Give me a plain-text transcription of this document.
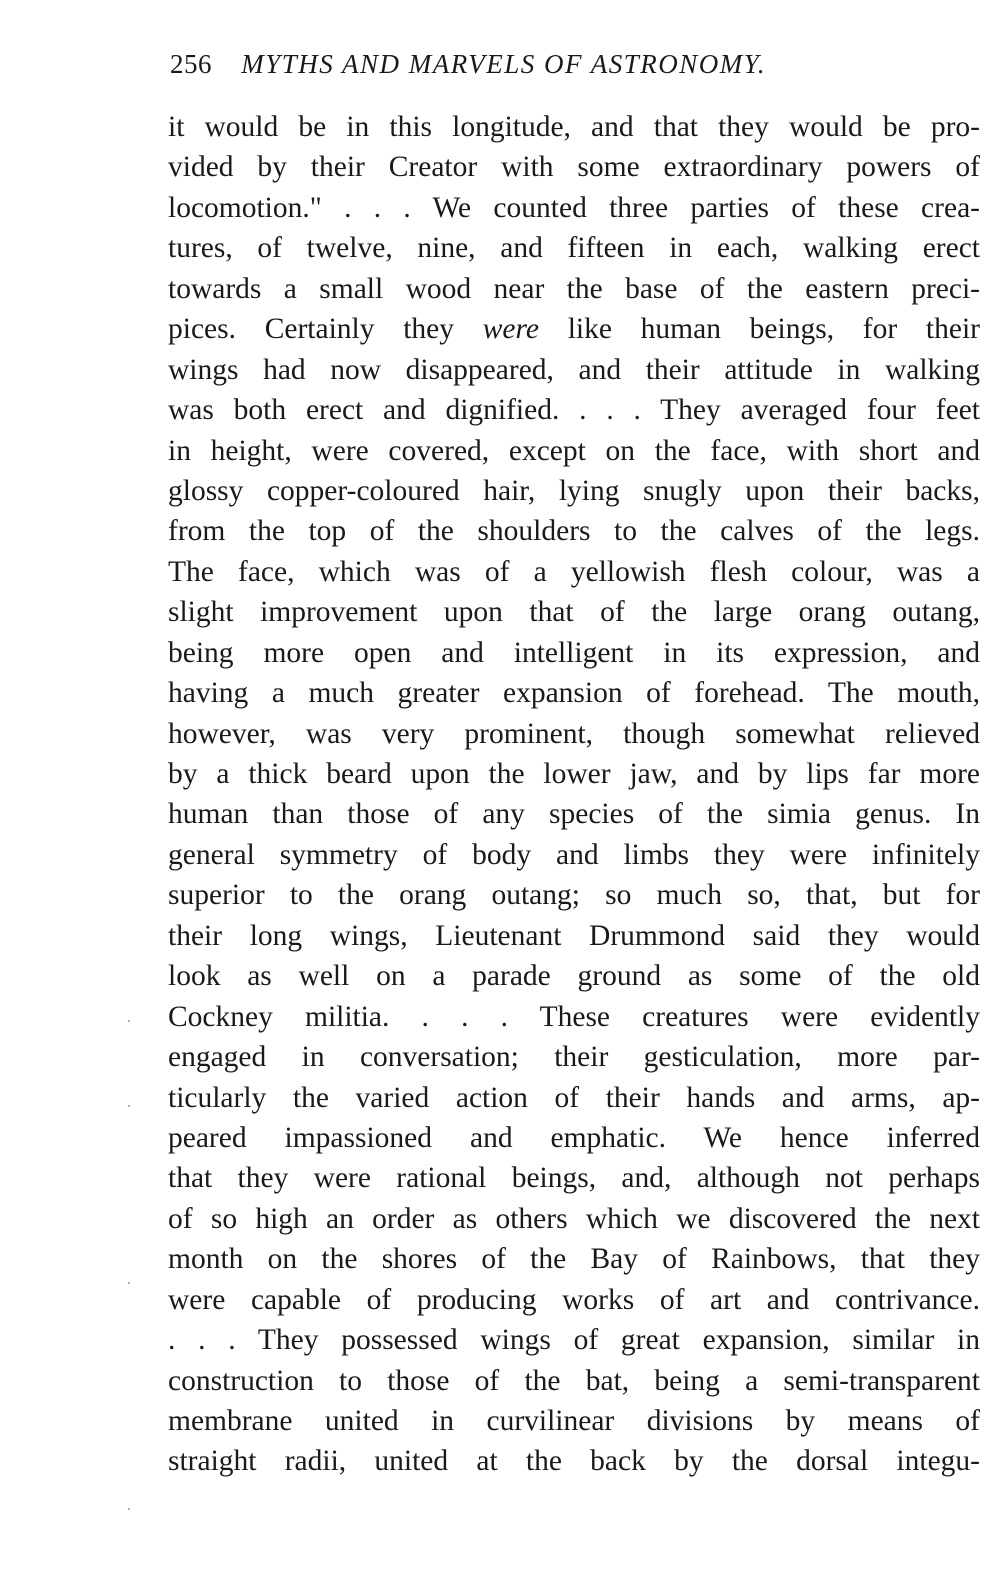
256 MYTHS AND MARVELS OF ASTRONOMY.
it would be in this longitude, and that they would be pro-
vided by their Creator with some extraordinary powers of
locomotion." . . . We counted three parties of these crea-
tures, of twelve, nine, and fifteen in each, walking erect
towards a small wood near the base of the eastern preci-
pices. Certainly they were like human beings, for their
wings had now disappeared, and their attitude in walking
was both erect and dignified. . . . They averaged four feet
in height, were covered, except on the face, with short and
glossy copper-coloured hair, lying snugly upon their backs,
from the top of the shoulders to the calves of the legs.
The face, which was of a yellowish flesh colour, was a
slight improvement upon that of the large orang outang,
being more open and intelligent in its expression, and
having a much greater expansion of forehead. The mouth,
however, was very prominent, though somewhat relieved
by a thick beard upon the lower jaw, and by lips far more
human than those of any species of the simia genus. In
general symmetry of body and limbs they were infinitely
superior to the orang outang; so much so, that, but for
their long wings, Lieutenant Drummond said they would
look as well on a parade ground as some of the old
Cockney militia. . . . These creatures were evidently
engaged in conversation; their gesticulation, more par-
ticularly the varied action of their hands and arms, ap-
peared impassioned and emphatic. We hence inferred
that they were rational beings, and, although not perhaps
of so high an order as others which we discovered the next
month on the shores of the Bay of Rainbows, that they
were capable of producing works of art and contrivance.
. . . They possessed wings of great expansion, similar in
construction to those of the bat, being a semi-transparent
membrane united in curvilinear divisions by means of
straight radii, united at the back by the dorsal integu-
